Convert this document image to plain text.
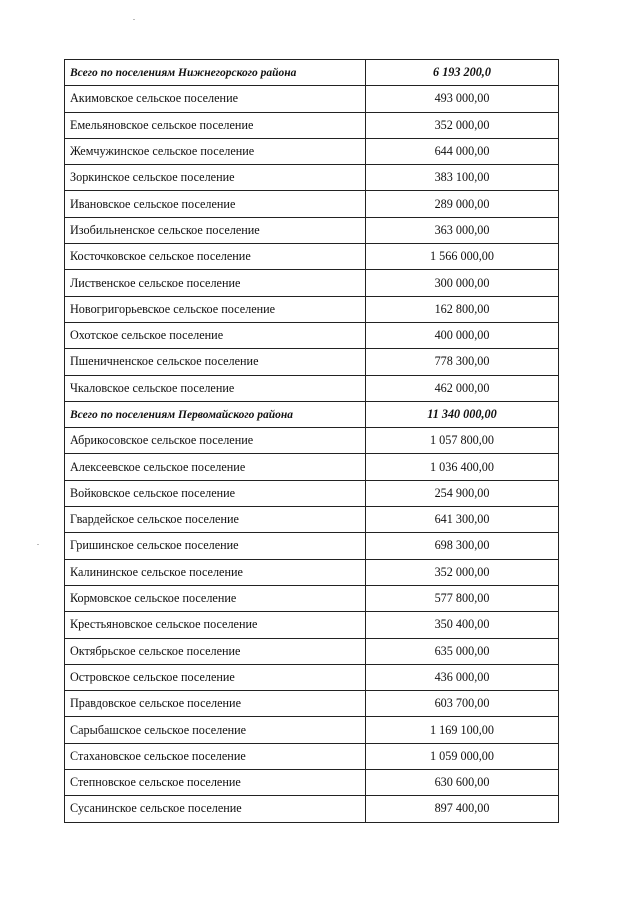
Всего по поселениям Нижнегорского района	6 193 200,0
Акимовское сельское поселение	493 000,00
Емельяновское сельское поселение	352 000,00
Жемчужинское сельское поселение	644 000,00
Зоркинское сельское поселение	383 100,00
Ивановское сельское поселение	289 000,00
Изобильненское сельское поселение	363 000,00
Косточковское сельское поселение	1 566 000,00
Лиственское сельское поселение	300 000,00
Новогригорьевское сельское поселение	162 800,00
Охотское сельское поселение	400 000,00
Пшеничненское сельское поселение	778 300,00
Чкаловское сельское поселение	462 000,00
Всего по поселениям Первомайского района	11 340 000,00
Абрикосовское сельское поселение	1 057 800,00
Алексеевское сельское поселение	1 036 400,00
Войковское сельское поселение	254 900,00
Гвардейское сельское поселение	641 300,00
Гришинское сельское поселение	698 300,00
Калининское сельское поселение	352 000,00
Кормовское сельское поселение	577 800,00
Крестьяновское сельское поселение	350 400,00
Октябрьское сельское поселение	635 000,00
Островское сельское поселение	436 000,00
Правдовское сельское поселение	603 700,00
Сарыбашское сельское поселение	1 169 100,00
Стахановское сельское поселение	1 059 000,00
Степновское сельское поселение	630 600,00
Сусанинское сельское поселение	897 400,00
